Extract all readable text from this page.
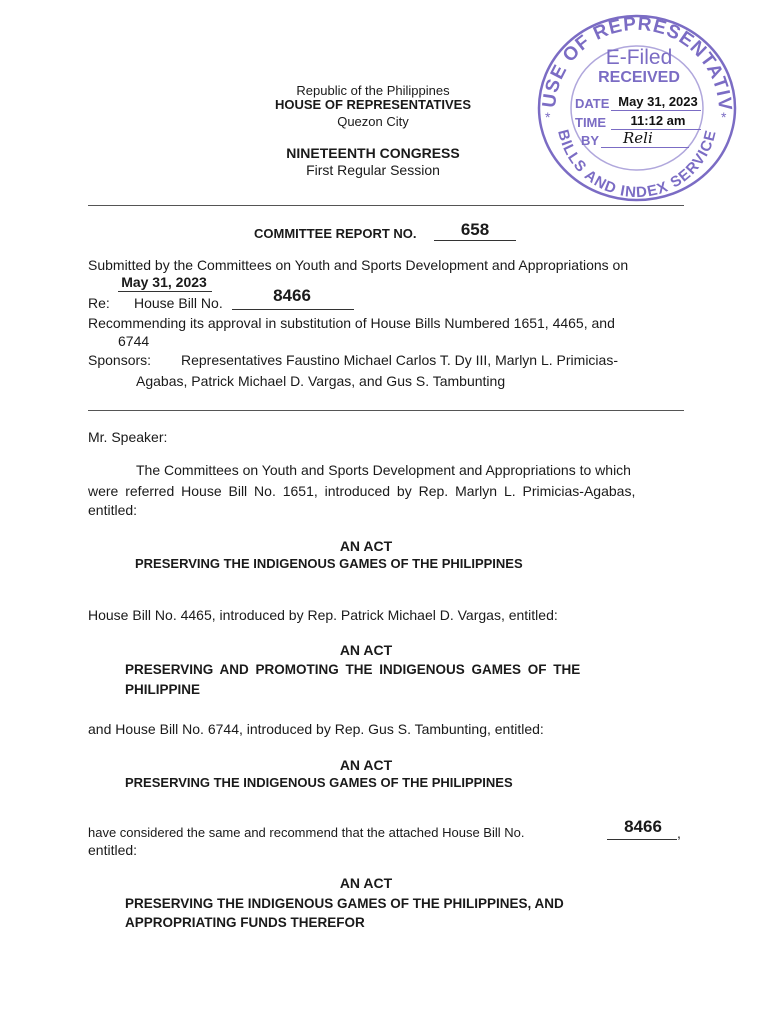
Republic of the Philippines
HOUSE OF REPRESENTATIVES
Quezon City
NINETEENTH CONGRESS
First Regular Session
USE OF REPRESENTATIV
BILLS AND INDEX SERVICE
*	*
E-Filed
RECEIVED
DATE May 31, 2023
TIME	11:12 am
BY Reli
COMMITTEE REPORT NO.	658
Submitted by the Committees on Youth and Sports Development and Appropriations on
May 31, 2023
Re: House Bill No.	8466
Recommending its approval in substitution of House Bills Numbered 1651, 4465, and
6744
Sponsors: Representatives Faustino Michael Carlos T. Dy III, Marlyn L. Primicias-
Agabas, Patrick Michael D. Vargas, and Gus S. Tambunting
Mr. Speaker:
The Committees on Youth and Sports Development and Appropriations to which
were referred House Bill No. 1651, introduced by Rep. Marlyn L. Primicias-Agabas,
entitled:
AN ACT
PRESERVING THE INDIGENOUS GAMES OF THE PHILIPPINES
House Bill No. 4465, introduced by Rep. Patrick Michael D. Vargas, entitled:
AN ACT
PRESERVING AND PROMOTING THE INDIGENOUS GAMES OF THE
PHILIPPINE
and House Bill No. 6744, introduced by Rep. Gus S. Tambunting, entitled:
AN ACT
PRESERVING THE INDIGENOUS GAMES OF THE PHILIPPINES
have considered the same and recommend that the attached House Bill No.	8466	,
entitled:
AN ACT
PRESERVING THE INDIGENOUS GAMES OF THE PHILIPPINES, AND
APPROPRIATING FUNDS THEREFOR
